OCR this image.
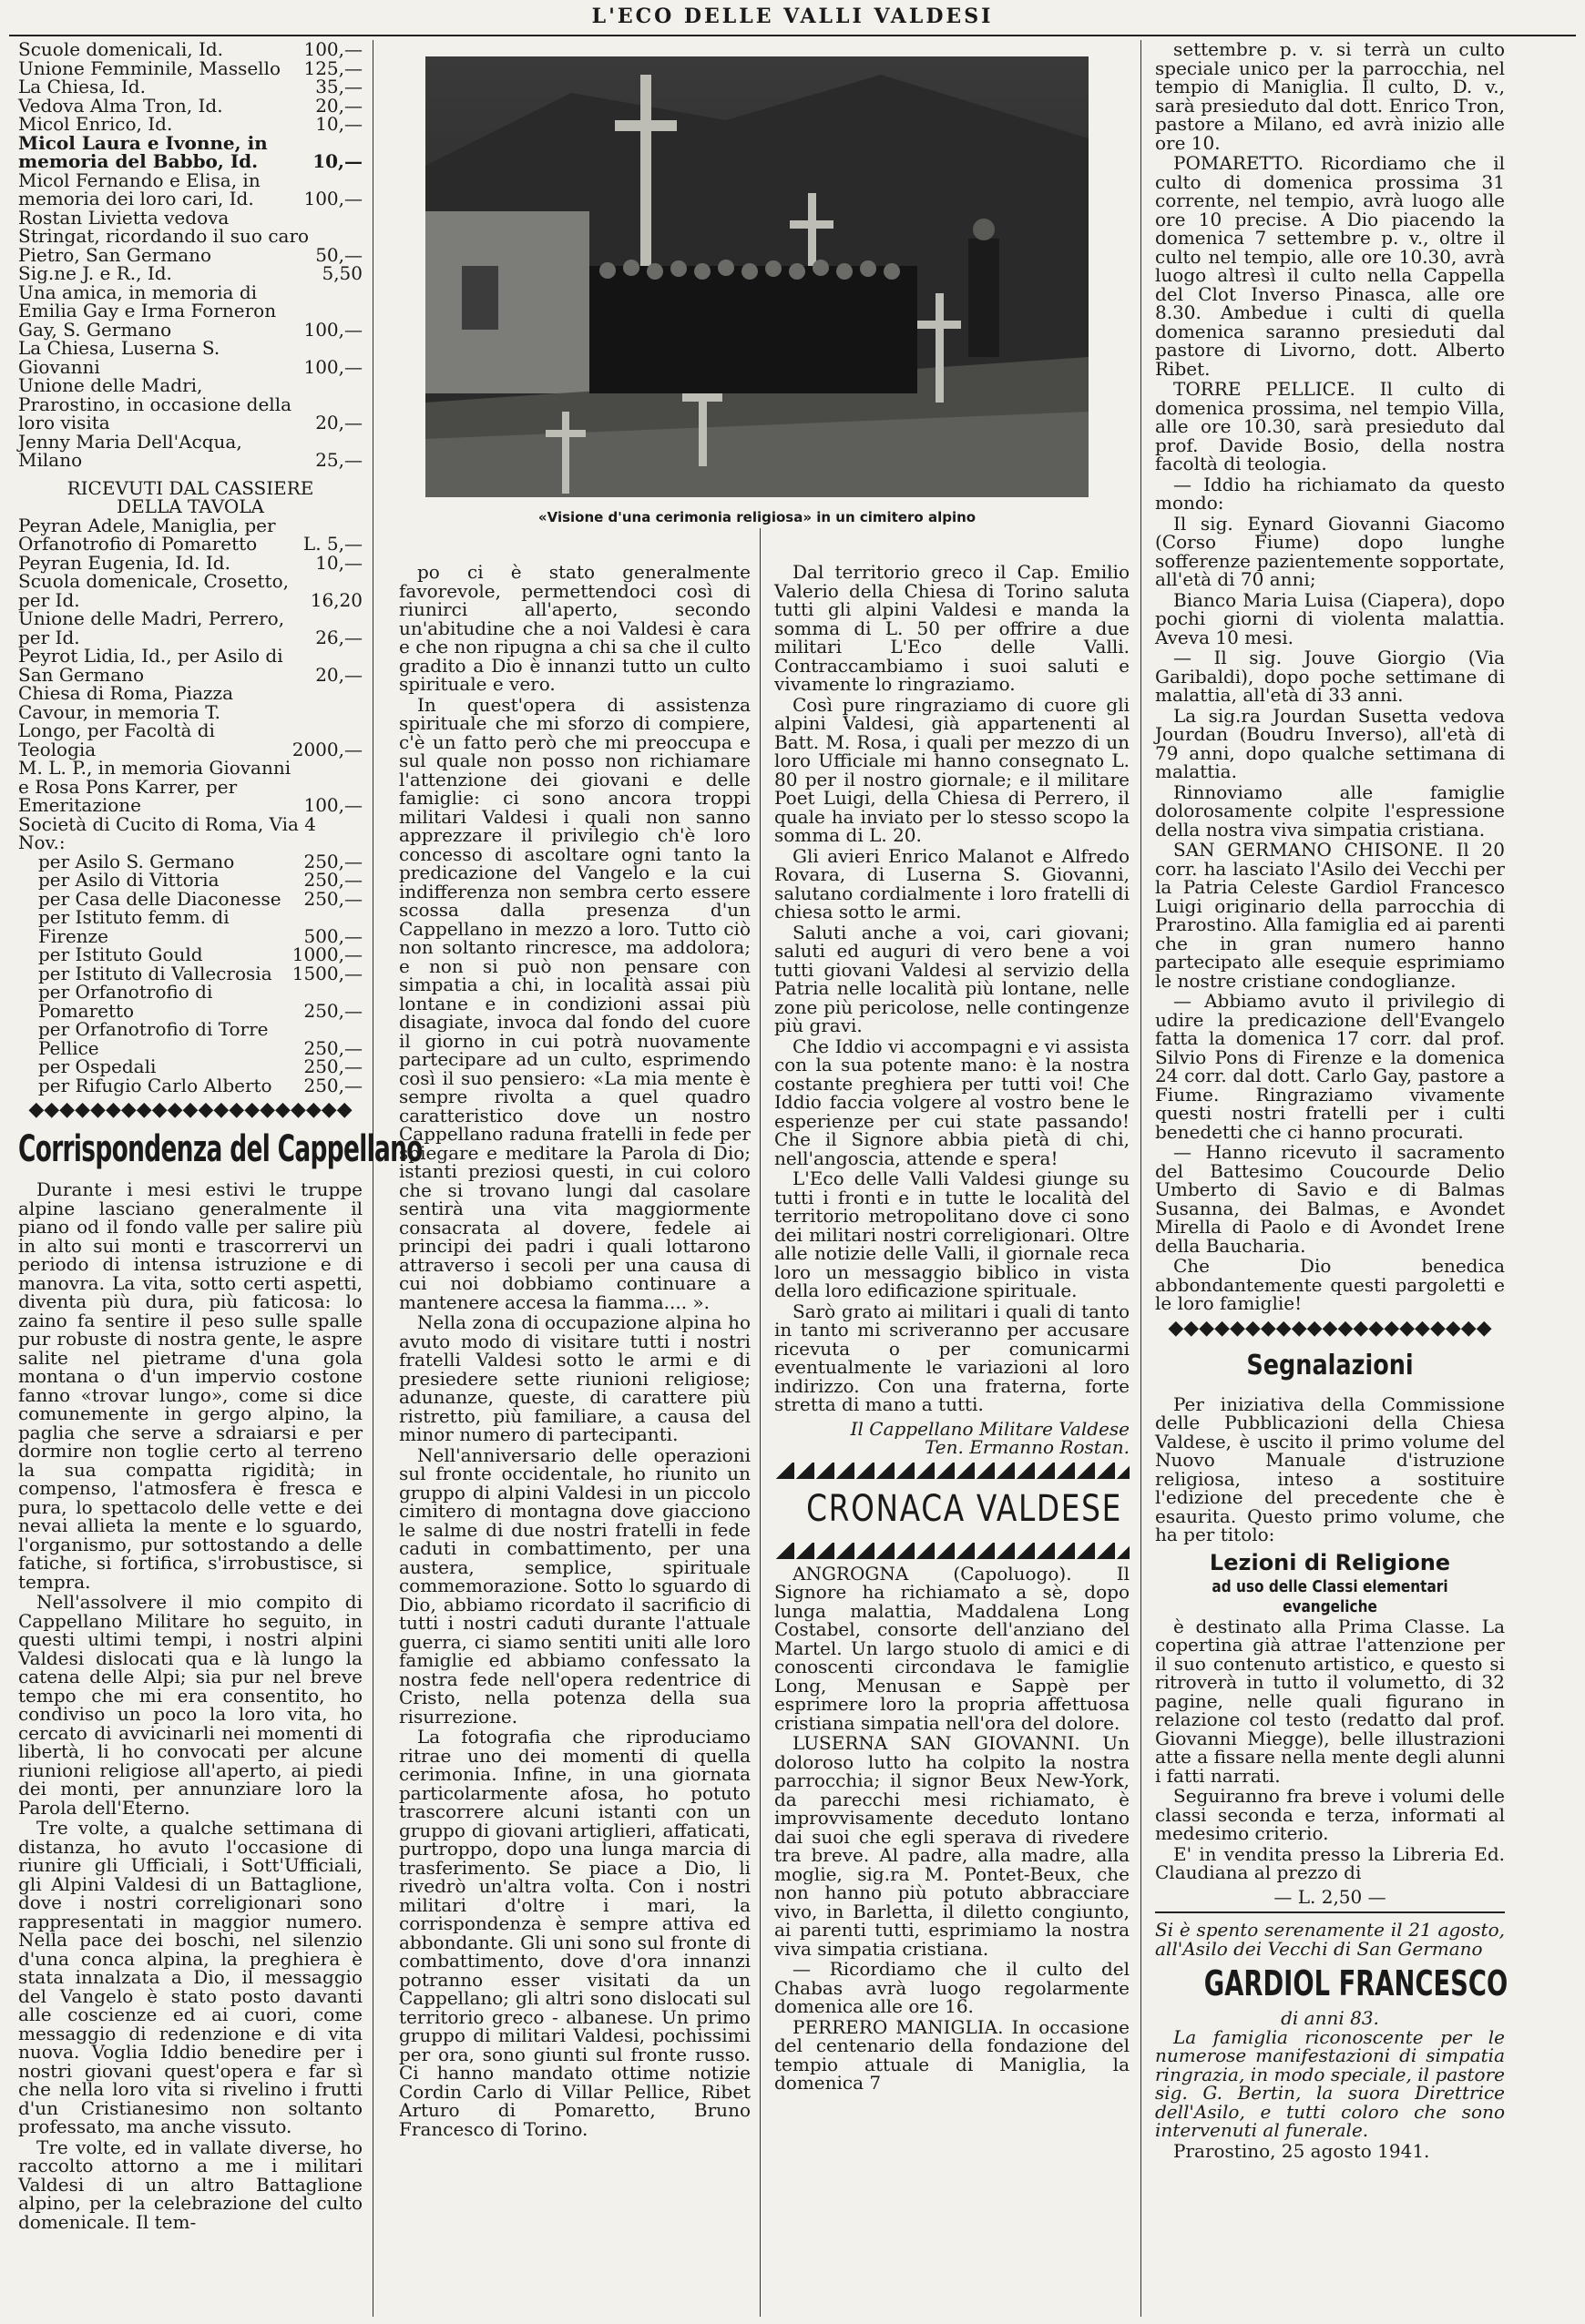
L'ECO DELLE VALLI VALDESI
Scuole domenicali, Id.	100,—
Unione Femminile, Massello	125,—
La Chiesa, Id.	35,—
Vedova Alma Tron, Id.	20,—
Micol Enrico, Id.	10,—
Micol Laura e Ivonne, in memoria del Babbo, Id.	10,—
Micol Fernando e Elisa, in memoria dei loro cari, Id.	100,—
Rostan Livietta vedova Stringat, ricordando il suo caro Pietro, San Germano	50,—
Sig.ne J. e R., Id.	5,50
Una amica, in memoria di Emilia Gay e Irma Forneron Gay, S. Germano	100,—
La Chiesa, Luserna S. Giovanni	100,—
Unione delle Madri, Prarostino, in occasione della loro visita	20,—
Jenny Maria Dell'Acqua, Milano	25,—
RICEVUTI DAL CASSIERE
DELLA TAVOLA
Peyran Adele, Maniglia, per Orfanotrofio di Pomaretto	L. 5,—
Peyran Eugenia, Id. Id.	10,—
Scuola domenicale, Crosetto, per Id.	16,20
Unione delle Madri, Perrero, per Id.	26,—
Peyrot Lidia, Id., per Asilo di San Germano	20,—
Chiesa di Roma, Piazza Cavour, in memoria T. Longo, per Facoltà di Teologia	2000,—
M. L. P., in memoria Giovanni e Rosa Pons Karrer, per Emeritazione	100,—
Società di Cucito di Roma, Via 4 Nov.:
per Asilo S. Germano	250,—
per Asilo di Vittoria	250,—
per Casa delle Diaconesse	250,—
per Istituto femm. di Firenze	500,—
per Istituto Gould	1000,—
per Istituto di Vallecrosia	1500,—
per Orfanotrofio di Pomaretto	250,—
per Orfanotrofio di Torre Pellice	250,—
per Ospedali	250,—
per Rifugio Carlo Alberto	250,—
◆◆◆◆◆◆◆◆◆◆◆◆◆◆◆◆◆◆◆◆◆
Corrispondenza del Cappellano

Durante i mesi estivi le truppe alpine lasciano generalmente il piano od il fondo valle per salire più in alto sui monti e trascorrervi un periodo di intensa istruzione e di manovra. La vita, sotto certi aspetti, diventa più dura, più faticosa: lo zaino fa sentire il peso sulle spalle pur robuste di nostra gente, le aspre salite nel pietrame d'una gola montana o d'un impervio costone fanno «trovar lungo», come si dice comunemente in gergo alpino, la paglia che serve a sdraiarsi e per dormire non toglie certo al terreno la sua compatta rigidità; in compenso, l'atmosfera è fresca e pura, lo spettacolo delle vette e dei nevai allieta la mente e lo sguardo, l'organismo, pur sottostando a delle fatiche, si fortifica, s'irrobustisce, si tempra.

Nell'assolvere il mio compito di Cappellano Militare ho seguito, in questi ultimi tempi, i nostri alpini Valdesi dislocati qua e là lungo la catena delle Alpi; sia pur nel breve tempo che mi era consentito, ho condiviso un poco la loro vita, ho cercato di avvicinarli nei momenti di libertà, li ho convocati per alcune riunioni religiose all'aperto, ai piedi dei monti, per annunziare loro la Parola dell'Eterno.

Tre volte, a qualche settimana di distanza, ho avuto l'occasione di riunire gli Ufficiali, i Sott'Ufficiali, gli Alpini Valdesi di un Battaglione, dove i nostri correligionari sono rappresentati in maggior numero. Nella pace dei boschi, nel silenzio d'una conca alpina, la preghiera è stata innalzata a Dio, il messaggio del Vangelo è stato posto davanti alle coscienze ed ai cuori, come messaggio di redenzione e di vita nuova. Voglia Iddio benedire per i nostri giovani quest'opera e far sì che nella loro vita si rivelino i frutti d'un Cristianesimo non soltanto professato, ma anche vissuto.

Tre volte, ed in vallate diverse, ho raccolto attorno a me i militari Valdesi di un altro Battaglione alpino, per la celebrazione del culto domenicale. Il tem-

«Visione d'una cerimonia religiosa» in un cimitero alpino

po ci è stato generalmente favorevole, permettendoci così di riunirci all'aperto, secondo un'abitudine che a noi Valdesi è cara e che non ripugna a chi sa che il culto gradito a Dio è innanzi tutto un culto spirituale e vero.

In quest'opera di assistenza spirituale che mi sforzo di compiere, c'è un fatto però che mi preoccupa e sul quale non posso non richiamare l'attenzione dei giovani e delle famiglie: ci sono ancora troppi militari Valdesi i quali non sanno apprezzare il privilegio ch'è loro concesso di ascoltare ogni tanto la predicazione del Vangelo e la cui indifferenza non sembra certo essere scossa dalla presenza d'un Cappellano in mezzo a loro. Tutto ciò non soltanto rincresce, ma addolora; e non si può non pensare con simpatia a chi, in località assai più lontane e in condizioni assai più disagiate, invoca dal fondo del cuore il giorno in cui potrà nuovamente partecipare ad un culto, esprimendo così il suo pensiero: «La mia mente è sempre rivolta a quel quadro caratteristico dove un nostro Cappellano raduna fratelli in fede per spiegare e meditare la Parola di Dio; istanti preziosi questi, in cui coloro che si trovano lungi dal casolare sentirà una vita maggiormente consacrata al dovere, fedele ai principi dei padri i quali lottarono attraverso i secoli per una causa di cui noi dobbiamo continuare a mantenere accesa la fiamma.... ».

Nella zona di occupazione alpina ho avuto modo di visitare tutti i nostri fratelli Valdesi sotto le armi e di presiedere sette riunioni religiose; adunanze, queste, di carattere più ristretto, più familiare, a causa del minor numero di partecipanti.

Nell'anniversario delle operazioni sul fronte occidentale, ho riunito un gruppo di alpini Valdesi in un piccolo cimitero di montagna dove giacciono le salme di due nostri fratelli in fede caduti in combattimento, per una austera, semplice, spirituale commemorazione. Sotto lo sguardo di Dio, abbiamo ricordato il sacrificio di tutti i nostri caduti durante l'attuale guerra, ci siamo sentiti uniti alle loro famiglie ed abbiamo confessato la nostra fede nell'opera redentrice di Cristo, nella potenza della sua risurrezione.

La fotografia che riproduciamo ritrae uno dei momenti di quella cerimonia. Infine, in una giornata particolarmente afosa, ho potuto trascorrere alcuni istanti con un gruppo di giovani artiglieri, affaticati, purtroppo, dopo una lunga marcia di trasferimento. Se piace a Dio, li rivedrò un'altra volta. Con i nostri militari d'oltre i mari, la corrispondenza è sempre attiva ed abbondante. Gli uni sono sul fronte di combattimento, dove d'ora innanzi potranno esser visitati da un Cappellano; gli altri sono dislocati sul territorio greco - albanese. Un primo gruppo di militari Valdesi, pochissimi per ora, sono giunti sul fronte russo. Ci hanno mandato ottime notizie Cordin Carlo di Villar Pellice, Ribet Arturo di Pomaretto, Bruno Francesco di Torino.

Dal territorio greco il Cap. Emilio Valerio della Chiesa di Torino saluta tutti gli alpini Valdesi e manda la somma di L. 50 per offrire a due militari L'Eco delle Valli. Contraccambiamo i suoi saluti e vivamente lo ringraziamo.

Così pure ringraziamo di cuore gli alpini Valdesi, già appartenenti al Batt. M. Rosa, i quali per mezzo di un loro Ufficiale mi hanno consegnato L. 80 per il nostro giornale; e il militare Poet Luigi, della Chiesa di Perrero, il quale ha inviato per lo stesso scopo la somma di L. 20.

Gli avieri Enrico Malanot e Alfredo Rovara, di Luserna S. Giovanni, salutano cordialmente i loro fratelli di chiesa sotto le armi.

Saluti anche a voi, cari giovani; saluti ed auguri di vero bene a voi tutti giovani Valdesi al servizio della Patria nelle località più lontane, nelle zone più pericolose, nelle contingenze più gravi.

Che Iddio vi accompagni e vi assista con la sua potente mano: è la nostra costante preghiera per tutti voi! Che Iddio faccia volgere al vostro bene le esperienze per cui state passando! Che il Signore abbia pietà di chi, nell'angoscia, attende e spera!

L'Eco delle Valli Valdesi giunge su tutti i fronti e in tutte le località del territorio metropolitano dove ci sono dei militari nostri correligionari. Oltre alle notizie delle Valli, il giornale reca loro un messaggio biblico in vista della loro edificazione spirituale.

Sarò grato ai militari i quali di tanto in tanto mi scriveranno per accusare ricevuta o per comunicarmi eventualmente le variazioni al loro indirizzo. Con una fraterna, forte stretta di mano a tutti.

Il Cappellano Militare Valdese
Ten. Ermanno Rostan.
CRONACA VALDESE

ANGROGNA (Capoluogo). Il Signore ha richiamato a sè, dopo lunga malattia, Maddalena Long Costabel, consorte dell'anziano del Martel. Un largo stuolo di amici e di conoscenti circondava le famiglie Long, Menusan e Sappè per esprimere loro la propria affettuosa cristiana simpatia nell'ora del dolore.

LUSERNA SAN GIOVANNI. Un doloroso lutto ha colpito la nostra parrocchia; il signor Beux New-York, da parecchi mesi richiamato, è improvvisamente deceduto lontano dai suoi che egli sperava di rivedere tra breve. Al padre, alla madre, alla moglie, sig.ra M. Pontet-Beux, che non hanno più potuto abbracciare vivo, in Barletta, il diletto congiunto, ai parenti tutti, esprimiamo la nostra viva simpatia cristiana.

— Ricordiamo che il culto del Chabas avrà luogo regolarmente domenica alle ore 16.

PERRERO MANIGLIA. In occasione del centenario della fondazione del tempio attuale di Maniglia, la domenica 7

settembre p. v. si terrà un culto speciale unico per la parrocchia, nel tempio di Maniglia. Il culto, D. v., sarà presieduto dal dott. Enrico Tron, pastore a Milano, ed avrà inizio alle ore 10.

POMARETTO. Ricordiamo che il culto di domenica prossima 31 corrente, nel tempio, avrà luogo alle ore 10 precise. A Dio piacendo la domenica 7 settembre p. v., oltre il culto nel tempio, alle ore 10.30, avrà luogo altresì il culto nella Cappella del Clot Inverso Pinasca, alle ore 8.30. Ambedue i culti di quella domenica saranno presieduti dal pastore di Livorno, dott. Alberto Ribet.

TORRE PELLICE. Il culto di domenica prossima, nel tempio Villa, alle ore 10.30, sarà presieduto dal prof. Davide Bosio, della nostra facoltà di teologia.

— Iddio ha richiamato da questo mondo:

Il sig. Eynard Giovanni Giacomo (Corso Fiume) dopo lunghe sofferenze pazientemente sopportate, all'età di 70 anni;

Bianco Maria Luisa (Ciapera), dopo pochi giorni di violenta malattia. Aveva 10 mesi.

— Il sig. Jouve Giorgio (Via Garibaldi), dopo poche settimane di malattia, all'età di 33 anni.

La sig.ra Jourdan Susetta vedova Jourdan (Boudru Inverso), all'età di 79 anni, dopo qualche settimana di malattia.

Rinnoviamo alle famiglie dolorosamente colpite l'espressione della nostra viva simpatia cristiana.

SAN GERMANO CHISONE. Il 20 corr. ha lasciato l'Asilo dei Vecchi per la Patria Celeste Gardiol Francesco Luigi originario della parrocchia di Prarostino. Alla famiglia ed ai parenti che in gran numero hanno partecipato alle esequie esprimiamo le nostre cristiane condoglianze.

— Abbiamo avuto il privilegio di udire la predicazione dell'Evangelo fatta la domenica 17 corr. dal prof. Silvio Pons di Firenze e la domenica 24 corr. dal dott. Carlo Gay, pastore a Fiume. Ringraziamo vivamente questi nostri fratelli per i culti benedetti che ci hanno procurati.

— Hanno ricevuto il sacramento del Battesimo Coucourde Delio Umberto di Savio e di Balmas Susanna, dei Balmas, e Avondet Mirella di Paolo e di Avondet Irene della Baucharia.

Che Dio benedica abbondantemente questi pargoletti e le loro famiglie!

◆◆◆◆◆◆◆◆◆◆◆◆◆◆◆◆◆◆◆◆◆
Segnalazioni

Per iniziativa della Commissione delle Pubblicazioni della Chiesa Valdese, è uscito il primo volume del Nuovo Manuale d'istruzione religiosa, inteso a sostituire l'edizione del precedente che è esaurita. Questo primo volume, che ha per titolo:

Lezioni di Religione
ad uso delle Classi elementari evangeliche

è destinato alla Prima Classe. La copertina già attrae l'attenzione per il suo contenuto artistico, e questo si ritroverà in tutto il volumetto, di 32 pagine, nelle quali figurano in relazione col testo (redatto dal prof. Giovanni Miegge), belle illustrazioni atte a fissare nella mente degli alunni i fatti narrati.

Seguiranno fra breve i volumi delle classi seconda e terza, informati al medesimo criterio.

E' in vendita presso la Libreria Ed. Claudiana al prezzo di

— L. 2,50 —

Si è spento serenamente il 21 agosto, all'Asilo dei Vecchi di San Germano

GARDIOL FRANCESCO
di anni 83.

La famiglia riconoscente per le numerose manifestazioni di simpatia ringrazia, in modo speciale, il pastore sig. G. Bertin, la suora Direttrice dell'Asilo, e tutti coloro che sono intervenuti al funerale.

Prarostino, 25 agosto 1941.
